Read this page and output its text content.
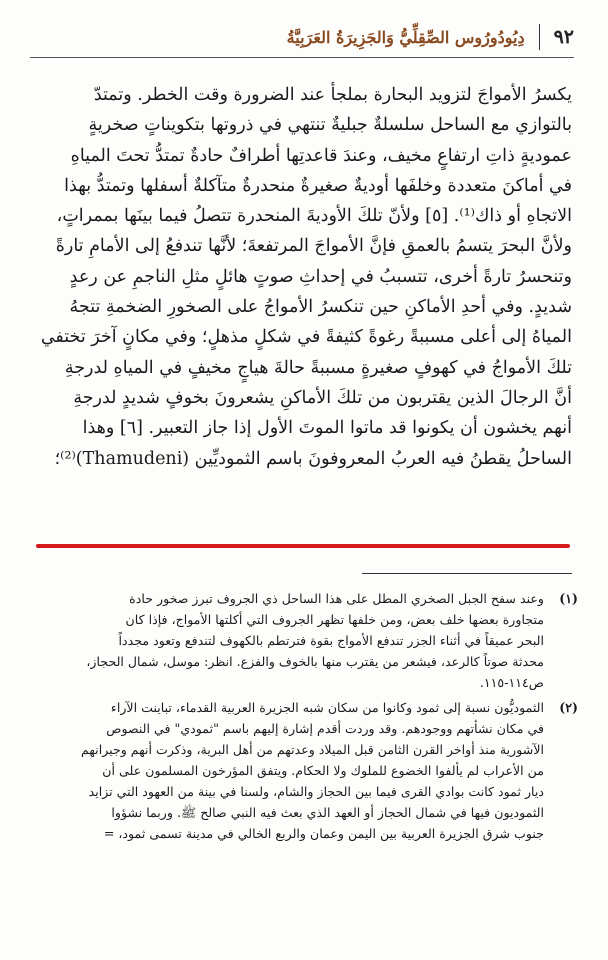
٩٢
دِيُودُورُوس الصِّقِلِّيُّ وَالجَزِيرَةُ العَرَبِيَّةُ
يكسرُ الأمواجَ لتزويد البحارة بملجأ عند الضرورة وقت الخطر. وتمتدّ
بالتوازي مع الساحل سلسلةٌ جبليةٌ تنتهي في ذروتها بتكويناتٍ صخريةٍ
عموديةٍ ذاتِ ارتفاعٍ مخيف، وعندَ قاعدتِها أطرافٌ حادةٌ تمتدُّ تحتَ المياهِ
في أماكنَ متعددة وخلفَها أوديةٌ صغيرةٌ منحدرةٌ متآكلةٌ أسفلها وتمتدُّ بهذا
الاتجاهِ أو ذاك⁽¹⁾. [٥] ولأنّ تلكَ الأوديةَ المنحدرة تتصلُ فيما بينَها بممراتٍ،
ولأنَّ البحرَ يتسمُ بالعمقِ فإنَّ الأمواجَ المرتفعةَ؛ لأنَّها تندفعُ إلى الأمامِ تارةً
وتنحسرُ تارةً أخرى، تتسببُ في إحداثِ صوتٍ هائلٍ مثلِ الناجمِ عن رعدٍ
شديدٍ. وفي أحدِ الأماكنِ حين تنكسرُ الأمواجُ على الصخورِ الضخمةِ تتجهُ
المياهُ إلى أعلى مسببةً رغوةً كثيفةً في شكلٍ مذهلٍ؛ وفي مكانٍ آخرَ تختفي
تلكَ الأمواجُ في كهوفٍ صغيرةٍ مسببةً حالةَ هياجٍ مخيفٍ في المياهِ لدرجةِ
أنَّ الرجالَ الذين يقتربون من تلكَ الأماكنِ يشعرونَ بخوفٍ شديدٍ لدرجةِ
أنهم يخشون أن يكونوا قد ماتوا الموتَ الأول إذا جاز التعبير. [٦] وهذا
الساحلُ يقطنُ فيه العربُ المعروفونَ باسم الثموديِّين (Thamudeni)⁽²⁾؛
(١)
وعند سفح الجبل الصخري المطل على هذا الساحل ذي الجروف تبرز صخور حادة
متجاورة بعضها خلف بعض، ومن خلفها تظهر الجروف التي أكلتها الأمواج، فإذا كان
البحر عميقاً في أثناء الجزر تندفع الأمواج بقوة فترتطم بالكهوف لتندفع وتعود مجدداً
محدثة صوتاً كالرعد، فيشعر من يقترب منها بالخوف والفزع. انظر: موسل، شمال الحجاز،
ص١١٤-١١٥.
(٢)
الثموديُّون نسبة إلى ثمود وكانوا من سكان شبه الجزيرة العربية القدماء، تباينت الآراء
في مكان نشأتهم ووجودهم. وقد وردت أقدم إشارة إليهم باسم "ثمودي" في النصوص
الآشورية منذ أواخر القرن الثامن قبل الميلاد وعدتهم من أهل البرية، وذكرت أنهم وجيرانهم
من الأعراب لم يألفوا الخضوع للملوك ولا الحكام. ويتفق المؤرخون المسلمون على أن
ديار ثمود كانت بوادي القرى فيما بين الحجاز والشام، ولسنا في بينة من العهود التي تزايد
الثموديون فيها في شمال الحجاز أو العهد الذي بعث فيه النبي صالح ﷺ. وربما نشؤوا
جنوب شرق الجزيرة العربية بين اليمن وعمان والربع الخالي في مدينة تسمى ثمود، =
